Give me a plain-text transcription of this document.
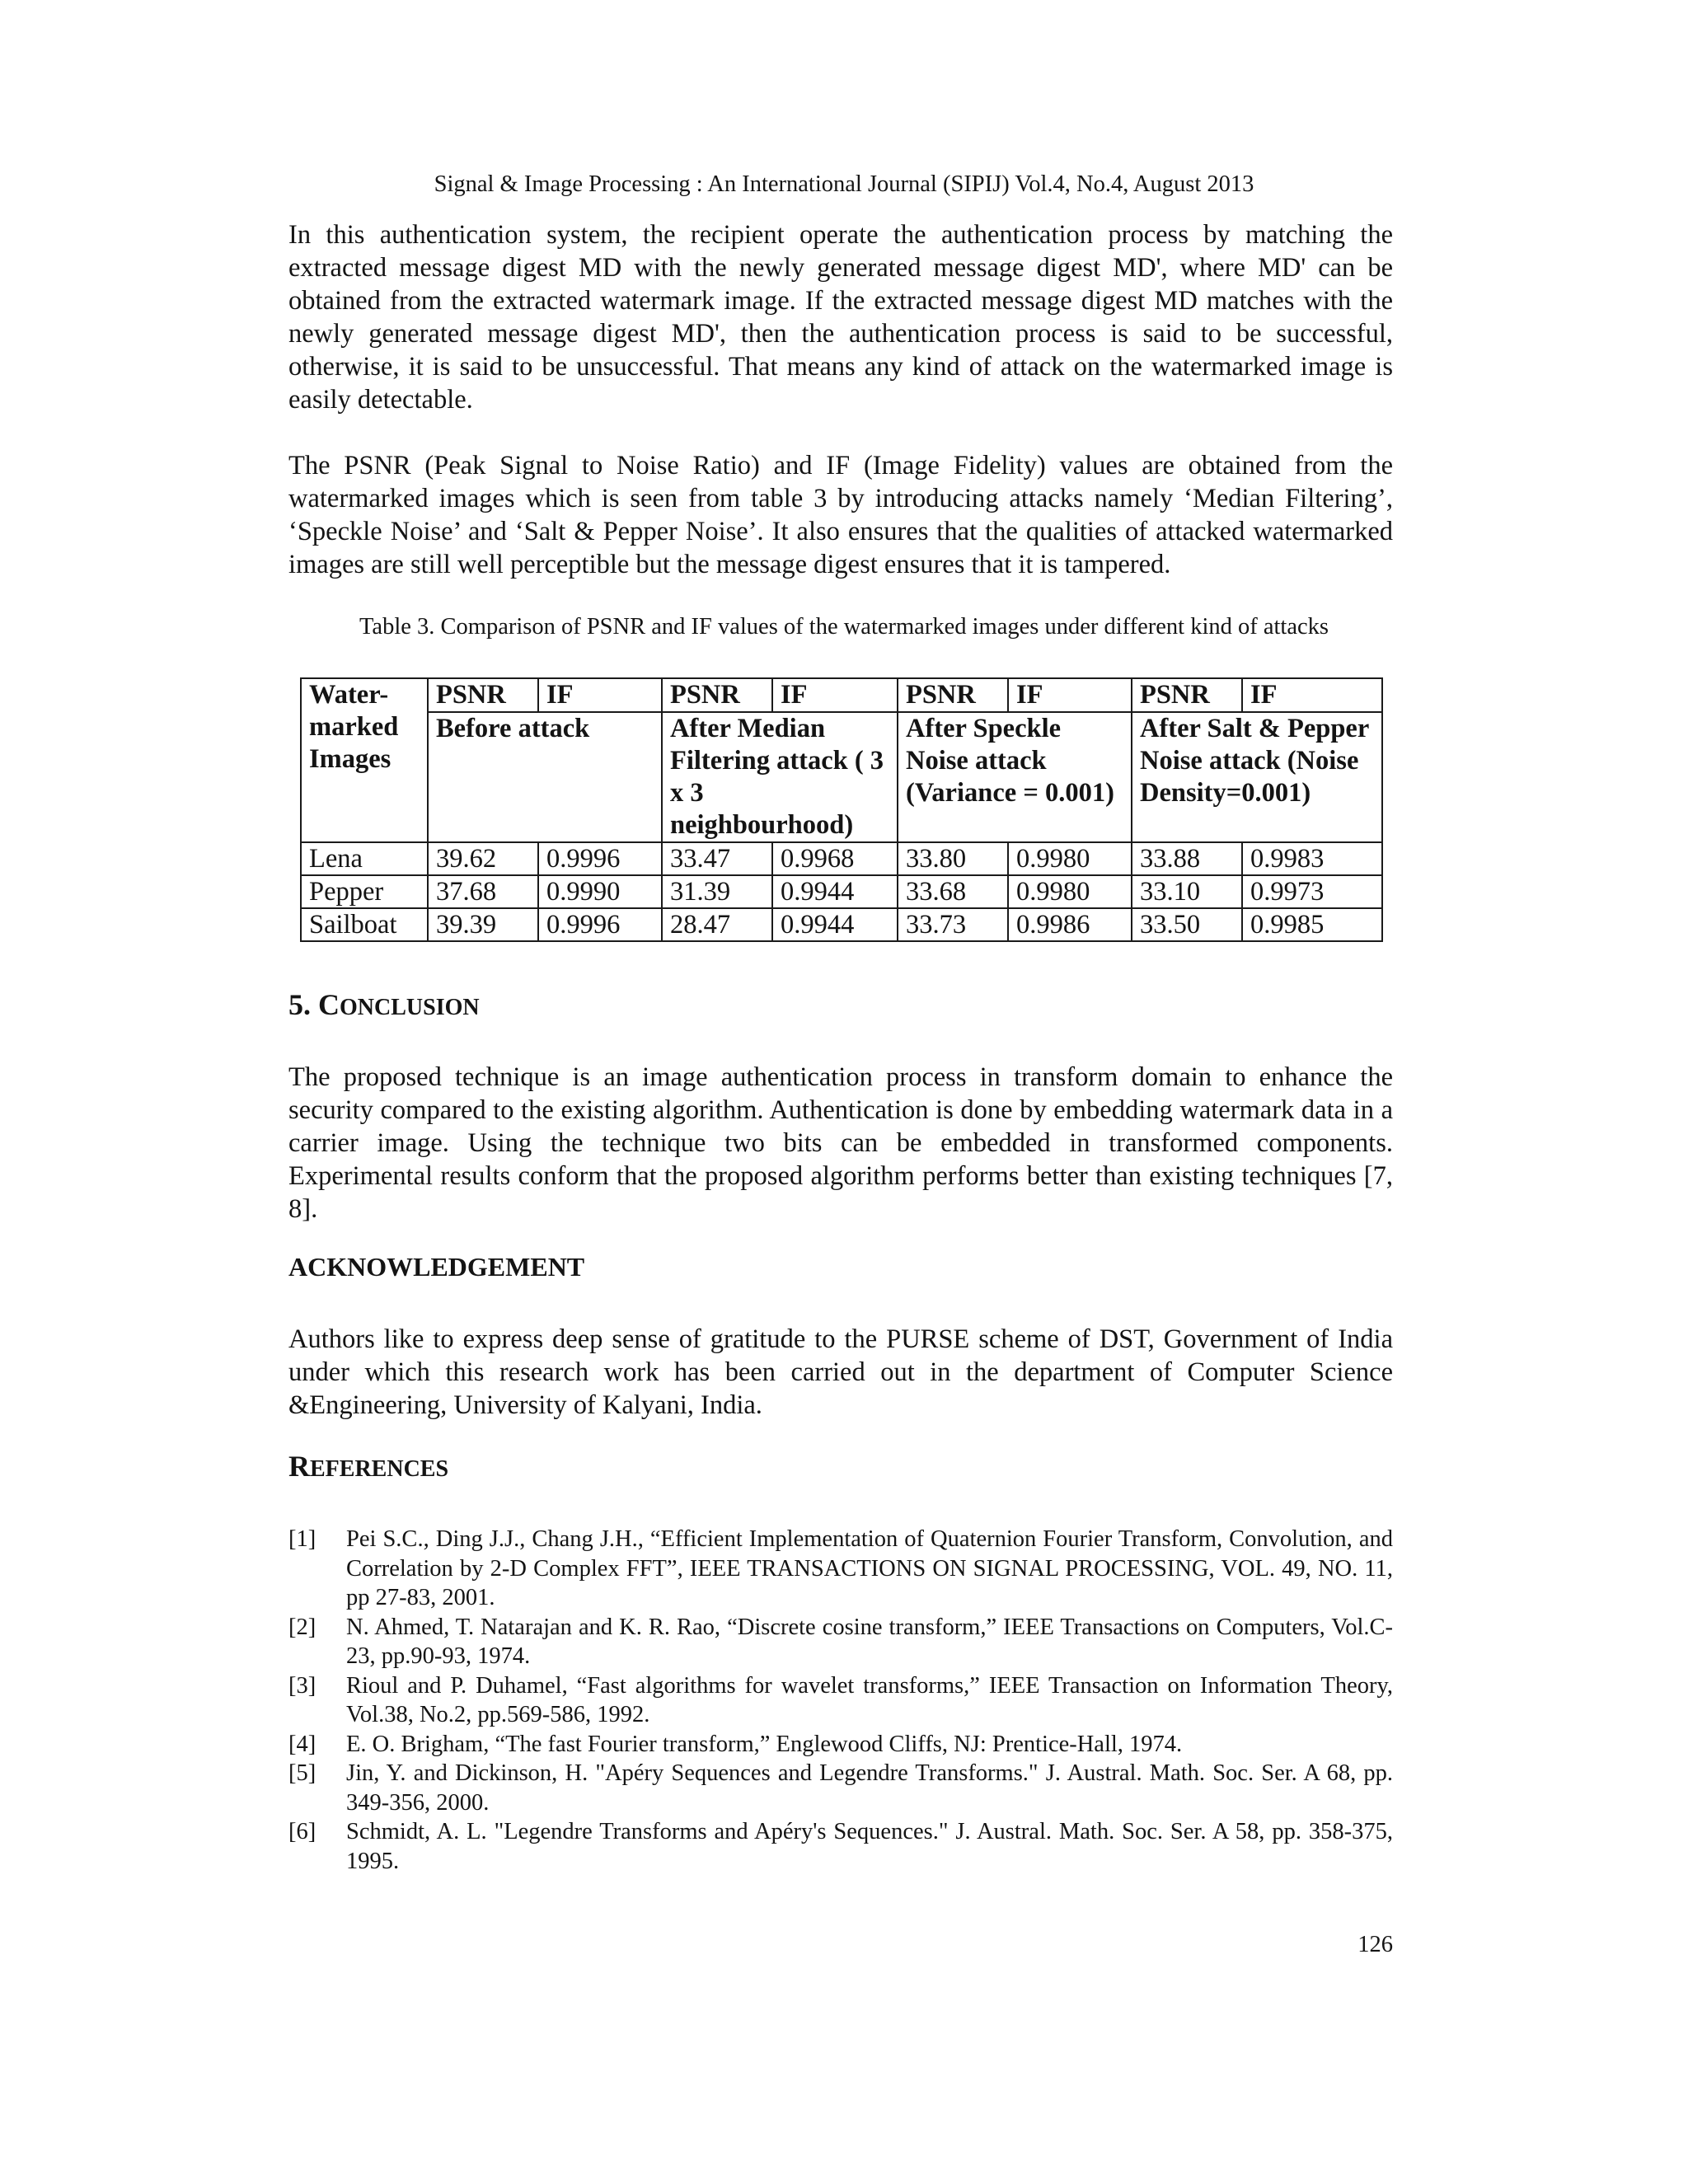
Signal & Image Processing : An International Journal (SIPIJ) Vol.4, No.4, August 2013

In this authentication system, the recipient operate the authentication process by matching the extracted message digest MD with the newly generated message digest MD', where MD' can be obtained from the extracted watermark image. If the extracted message digest MD matches with the newly generated message digest MD', then the authentication process is said to be successful, otherwise, it is said to be unsuccessful. That means any kind of attack on the watermarked image is easily detectable.

The PSNR (Peak Signal to Noise Ratio) and IF (Image Fidelity) values are obtained from the watermarked images which is seen from table 3 by introducing attacks namely ‘Median Filtering’, ‘Speckle Noise’ and ‘Salt & Pepper Noise’. It also ensures that the qualities of attacked watermarked images are still well perceptible but the message digest ensures that it is tampered.

Table 3. Comparison of PSNR and IF values of the watermarked images under different kind of attacks
Water-marked Images	PSNR	IF	PSNR	IF	PSNR	IF	PSNR	IF
	Before attack		After Median Filtering attack ( 3 x 3 neighbourhood)		After Speckle Noise attack (Variance = 0.001)		After Salt & Pepper Noise attack (Noise Density=0.001)	
Lena	39.62	0.9996	33.47	0.9968	33.80	0.9980	33.88	0.9983
Pepper	37.68	0.9990	31.39	0.9944	33.68	0.9980	33.10	0.9973
Sailboat	39.39	0.9996	28.47	0.9944	33.73	0.9986	33.50	0.9985
5. CONCLUSION

The proposed technique is an image authentication process in transform domain to enhance the security compared to the existing algorithm. Authentication is done by embedding watermark data in a carrier image. Using the technique two bits can be embedded in transformed components. Experimental results conform that the proposed algorithm performs better than existing techniques [7, 8].

ACKNOWLEDGEMENT

Authors like to express deep sense of gratitude to the PURSE scheme of DST, Government of India under which this research work has been carried out in the department of Computer Science &Engineering, University of Kalyani, India.

REFERENCES
[1]	Pei S.C., Ding J.J., Chang J.H., “Efficient Implementation of Quaternion Fourier Transform, Convolution, and Correlation by 2-D Complex FFT”, IEEE TRANSACTIONS ON SIGNAL PROCESSING, VOL. 49, NO. 11, pp 27-83, 2001.
[2]	N. Ahmed, T. Natarajan and K. R. Rao, “Discrete cosine transform,” IEEE Transactions on Computers, Vol.C-23, pp.90-93, 1974.
[3]	Rioul and P. Duhamel, “Fast algorithms for wavelet transforms,” IEEE Transaction on Information Theory, Vol.38, No.2, pp.569-586, 1992.
[4]	E. O. Brigham, “The fast Fourier transform,” Englewood Cliffs, NJ: Prentice-Hall, 1974.
[5]	Jin, Y. and Dickinson, H. "Apéry Sequences and Legendre Transforms." J. Austral. Math. Soc. Ser. A 68, pp. 349-356, 2000.
[6]	Schmidt, A. L. "Legendre Transforms and Apéry's Sequences." J. Austral. Math. Soc. Ser. A 58, pp. 358-375, 1995.
126
